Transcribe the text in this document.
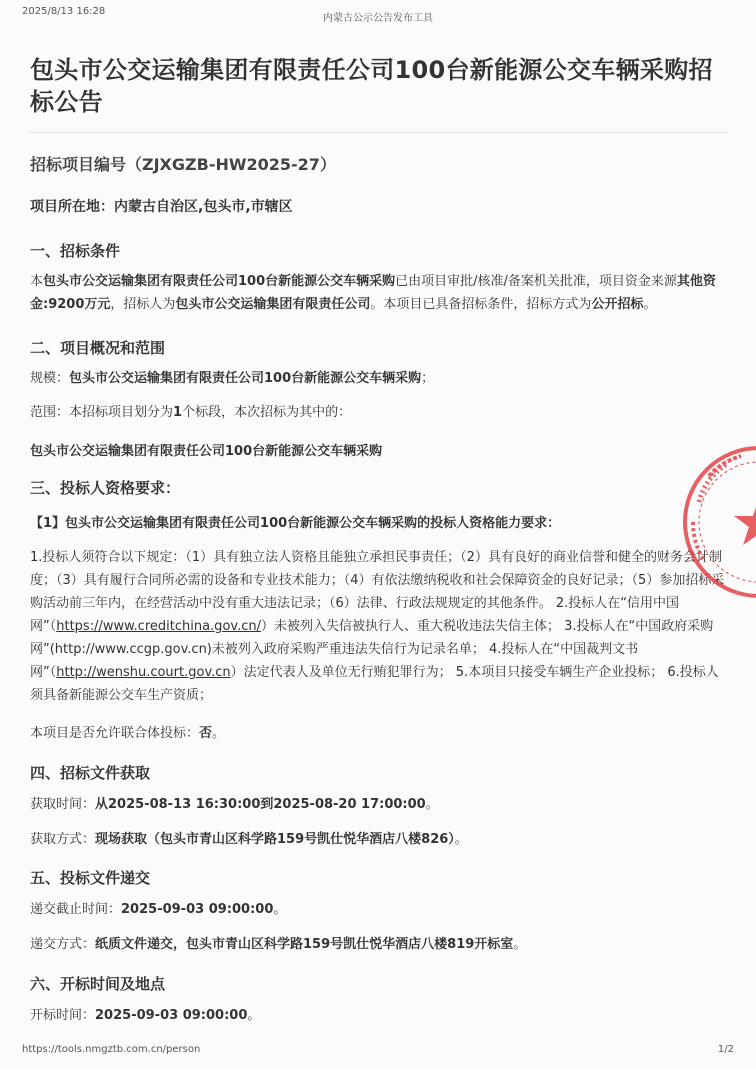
2025/8/13 16:28
内蒙古公示公告发布工具
包头市公交运输集团有限责任公司100台新能源公交车辆采购招标公告
招标项目编号（ZJXGZB-HW2025-27）
项目所在地：内蒙古自治区,包头市,市辖区
一、招标条件

本包头市公交运输集团有限责任公司100台新能源公交车辆采购已由项目审批/核准/备案机关批准，项目资金来源其他资金:9200万元，招标人为包头市公交运输集团有限责任公司。本项目已具备招标条件，招标方式为公开招标。

二、项目概况和范围

规模：包头市公交运输集团有限责任公司100台新能源公交车辆采购；

范围：本招标项目划分为1个标段，本次招标为其中的：

包头市公交运输集团有限责任公司100台新能源公交车辆采购

三、投标人资格要求：

【1】包头市公交运输集团有限责任公司100台新能源公交车辆采购的投标人资格能力要求：

1.投标人须符合以下规定：（1）具有独立法人资格且能独立承担民事责任；（2）具有良好的商业信誉和健全的财务会计制度；（3）具有履行合同所必需的设备和专业技术能力；（4）有依法缴纳税收和社会保障资金的良好记录；（5）参加招标采购活动前三年内，在经营活动中没有重大违法记录；（6）法律、行政法规规定的其他条件。 2.投标人在“信用中国网”（https://www.creditchina.gov.cn/）未被列入失信被执行人、重大税收违法失信主体； 3.投标人在“中国政府采购网”(http://www.ccgp.gov.cn)未被列入政府采购严重违法失信行为记录名单； 4.投标人在“中国裁判文书网”（http://wenshu.court.gov.cn）法定代表人及单位无行贿犯罪行为； 5.本项目只接受车辆生产企业投标； 6.投标人须具备新能源公交车生产资质；

本项目是否允许联合体投标：否。

四、招标文件获取

获取时间：从2025-08-13 16:30:00到2025-08-20 17:00:00。

获取方式：现场获取（包头市青山区科学路159号凯仕悦华酒店八楼826）。

五、投标文件递交

递交截止时间：2025-09-03 09:00:00。

递交方式：纸质文件递交，包头市青山区科学路159号凯仕悦华酒店八楼819开标室。

六、开标时间及地点

开标时间：2025-09-03 09:00:00。

https://tools.nmgztb.com.cn/person	1/2
